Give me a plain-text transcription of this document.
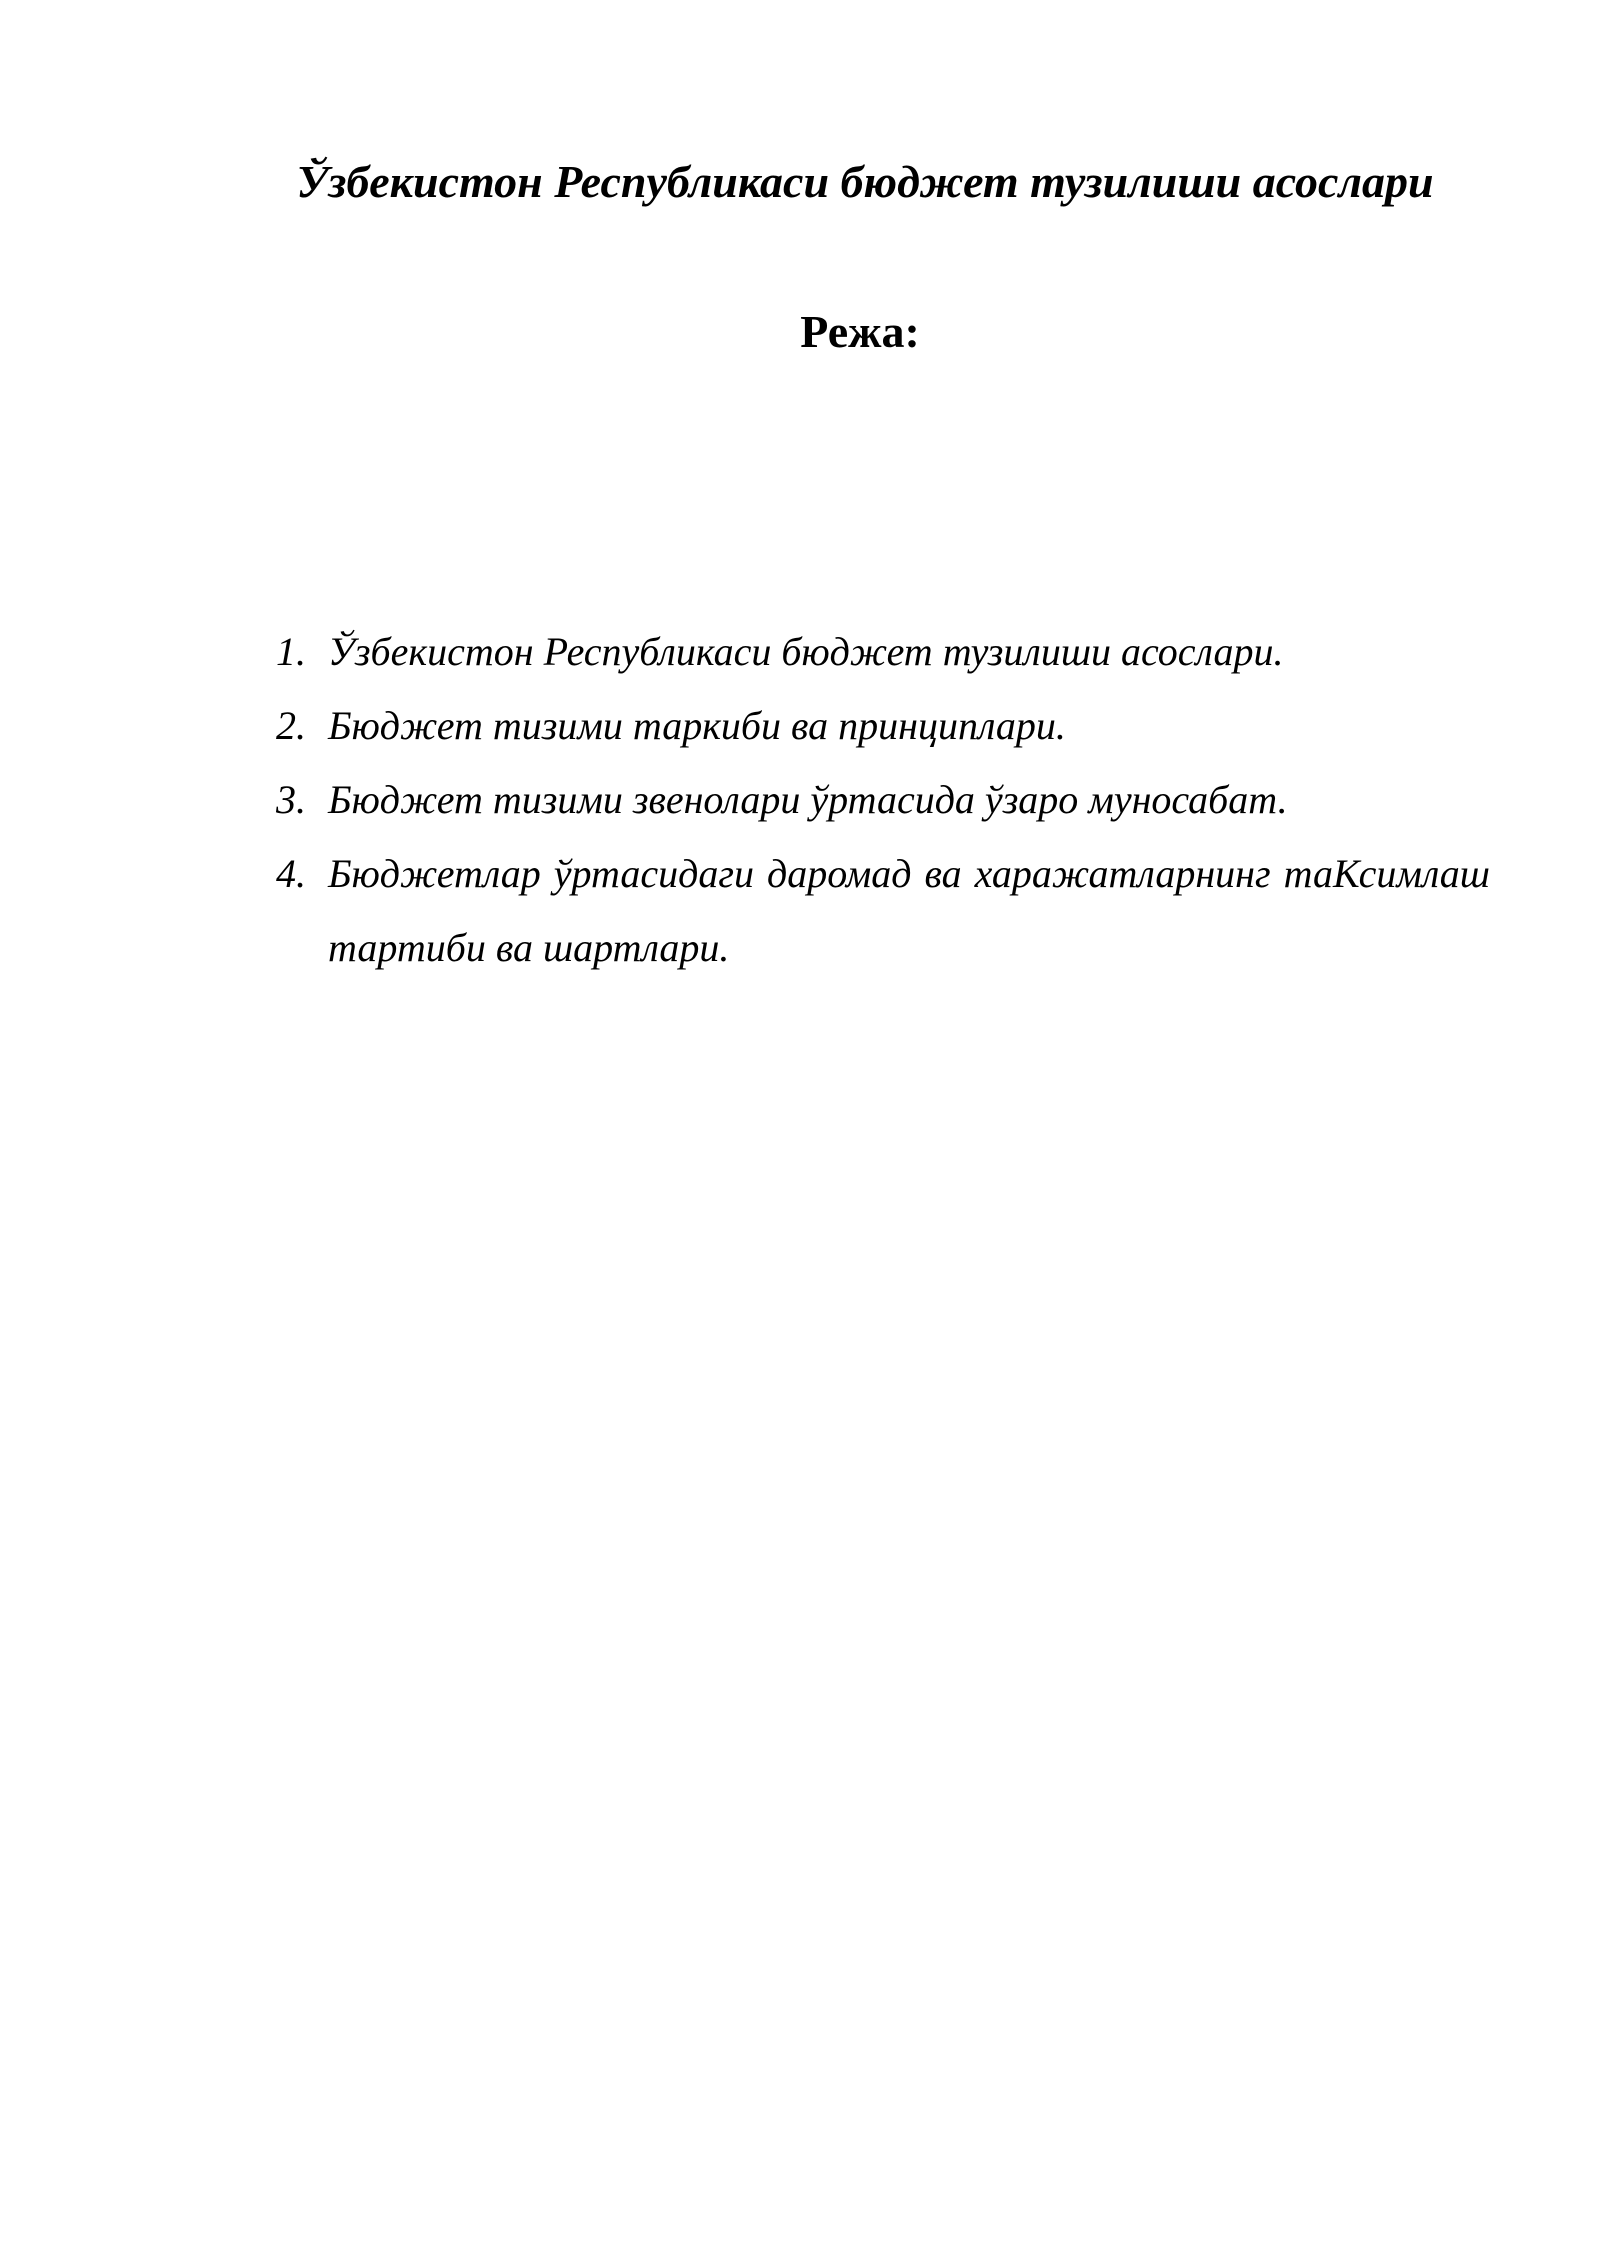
Ўзбекистон Республикаси бюджет тузилиши асослари
Режа:
1. Ўзбекистон Республикаси бюджет тузилиши асослари.
2. Бюджет тизими таркиби ва принциплари.
3. Бюджет тизими звенолари ўртасида ўзаро муносабат.
4. Бюджетлар ўртасидаги даромад ва харажатларнинг таКсимлаш тартиби ва шартлари.
